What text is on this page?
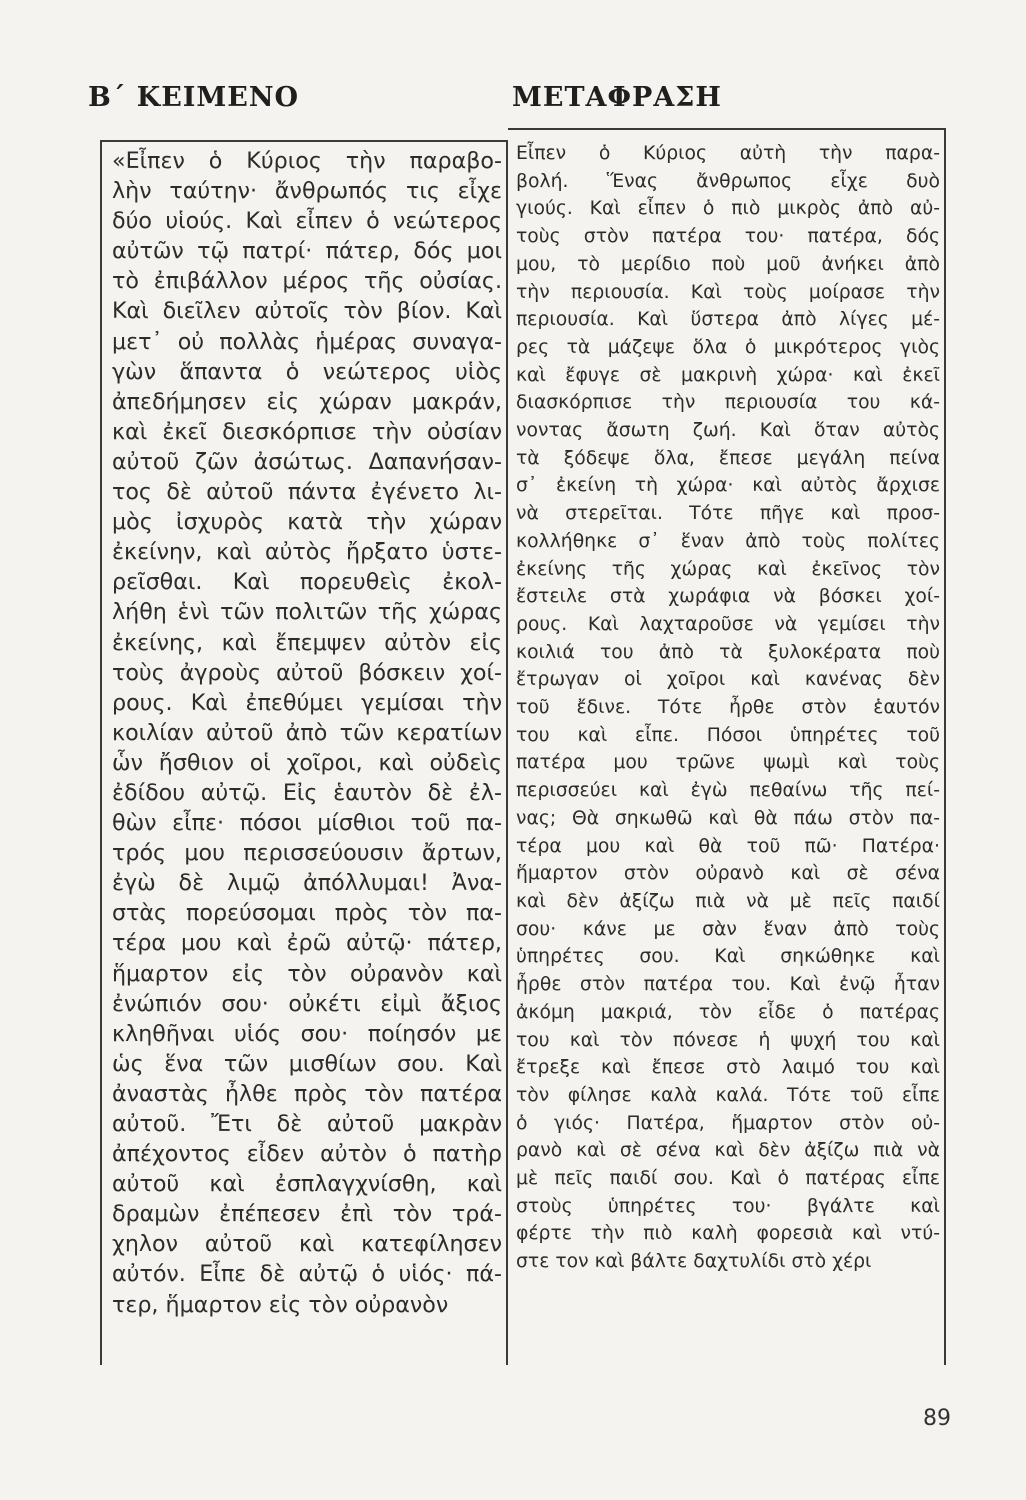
Β΄ ΚΕΙΜΕΝΟ	ΜΕΤΑΦΡΑΣΗ
«Εἶπεν ὁ Κύριος τὴν παραβο-
λὴν ταύτην· ἄνθρωπός τις εἶχε
δύο υἱούς. Καὶ εἶπεν ὁ νεώτερος
αὐτῶν τῷ πατρί· πάτερ, δός μοι
τὸ ἐπιβάλλον μέρος τῆς οὐσίας.
Καὶ διεῖλεν αὐτοῖς τὸν βίον. Καὶ
μετ᾽ οὐ πολλὰς ἡμέρας συναγα-
γὼν ἅπαντα ὁ νεώτερος υἱὸς
ἀπεδήμησεν εἰς χώραν μακράν,
καὶ ἐκεῖ διεσκόρπισε τὴν οὐσίαν
αὐτοῦ ζῶν ἀσώτως. Δαπανήσαν-
τος δὲ αὐτοῦ πάντα ἐγένετο λι-
μὸς ἰσχυρὸς κατὰ τὴν χώραν
ἐκείνην, καὶ αὐτὸς ἤρξατο ὑστε-
ρεῖσθαι. Καὶ πορευθεὶς ἐκολ-
λήθη ἑνὶ τῶν πολιτῶν τῆς χώρας
ἐκείνης, καὶ ἔπεμψεν αὐτὸν εἰς
τοὺς ἀγροὺς αὐτοῦ βόσκειν χοί-
ρους. Καὶ ἐπεθύμει γεμίσαι τὴν
κοιλίαν αὐτοῦ ἀπὸ τῶν κερατίων
ὧν ἤσθιον οἱ χοῖροι, καὶ οὐδεὶς
ἐδίδου αὐτῷ. Εἰς ἑαυτὸν δὲ ἐλ-
θὼν εἶπε· πόσοι μίσθιοι τοῦ πα-
τρός μου περισσεύουσιν ἄρτων,
ἐγὼ δὲ λιμῷ ἀπόλλυμαι! Ἀνα-
στὰς πορεύσομαι πρὸς τὸν πα-
τέρα μου καὶ ἐρῶ αὐτῷ· πάτερ,
ἥμαρτον εἰς τὸν οὐρανὸν καὶ
ἐνώπιόν σου· οὐκέτι εἰμὶ ἄξιος
κληθῆναι υἱός σου· ποίησόν με
ὡς ἕνα τῶν μισθίων σου. Καὶ
ἀναστὰς ἦλθε πρὸς τὸν πατέρα
αὐτοῦ. Ἔτι δὲ αὐτοῦ μακρὰν
ἀπέχοντος εἶδεν αὐτὸν ὁ πατὴρ
αὐτοῦ καὶ ἐσπλαγχνίσθη, καὶ
δραμὼν ἐπέπεσεν ἐπὶ τὸν τρά-
χηλον αὐτοῦ καὶ κατεφίλησεν
αὐτόν. Εἶπε δὲ αὐτῷ ὁ υἱός· πά-
τερ, ἥμαρτον εἰς τὸν οὐρανὸν
Εἶπεν ὁ Κύριος αὐτὴ τὴν παρα-
βολή. Ἕνας ἄνθρωπος εἶχε δυὸ
γιούς. Καὶ εἶπεν ὁ πιὸ μικρὸς ἀπὸ αὐ-
τοὺς στὸν πατέρα του· πατέρα, δός
μου, τὸ μερίδιο ποὺ μοῦ ἀνήκει ἀπὸ
τὴν περιουσία. Καὶ τοὺς μοίρασε τὴν
περιουσία. Καὶ ὕστερα ἀπὸ λίγες μέ-
ρες τὰ μάζεψε ὅλα ὁ μικρότερος γιὸς
καὶ ἔφυγε σὲ μακρινὴ χώρα· καὶ ἐκεῖ
διασκόρπισε τὴν περιουσία του κά-
νοντας ἄσωτη ζωή. Καὶ ὅταν αὐτὸς
τὰ ξόδεψε ὅλα, ἔπεσε μεγάλη πείνα
σ᾽ ἐκείνη τὴ χώρα· καὶ αὐτὸς ἄρχισε
νὰ στερεῖται. Τότε πῆγε καὶ προσ-
κολλήθηκε σ᾽ ἕναν ἀπὸ τοὺς πολίτες
ἐκείνης τῆς χώρας καὶ ἐκεῖνος τὸν
ἔστειλε στὰ χωράφια νὰ βόσκει χοί-
ρους. Καὶ λαχταροῦσε νὰ γεμίσει τὴν
κοιλιά του ἀπὸ τὰ ξυλοκέρατα ποὺ
ἔτρωγαν οἱ χοῖροι καὶ κανένας δὲν
τοῦ ἔδινε. Τότε ἦρθε στὸν ἑαυτόν
του καὶ εἶπε. Πόσοι ὑπηρέτες τοῦ
πατέρα μου τρῶνε ψωμὶ καὶ τοὺς
περισσεύει καὶ ἐγὼ πεθαίνω τῆς πεί-
νας; Θὰ σηκωθῶ καὶ θὰ πάω στὸν πα-
τέρα μου καὶ θὰ τοῦ πῶ· Πατέρα·
ἥμαρτον στὸν οὐρανὸ καὶ σὲ σένα
καὶ δὲν ἀξίζω πιὰ νὰ μὲ πεῖς παιδί
σου· κάνε με σὰν ἕναν ἀπὸ τοὺς
ὑπηρέτες σου. Καὶ σηκώθηκε καὶ
ἦρθε στὸν πατέρα του. Καὶ ἐνῷ ἦταν
ἀκόμη μακριά, τὸν εἶδε ὁ πατέρας
του καὶ τὸν πόνεσε ἡ ψυχή του καὶ
ἔτρεξε καὶ ἔπεσε στὸ λαιμό του καὶ
τὸν φίλησε καλὰ καλά. Τότε τοῦ εἶπε
ὁ γιός· Πατέρα, ἥμαρτον στὸν οὐ-
ρανὸ καὶ σὲ σένα καὶ δὲν ἀξίζω πιὰ νὰ
μὲ πεῖς παιδί σου. Καὶ ὁ πατέρας εἶπε
στοὺς ὑπηρέτες του· βγάλτε καὶ
φέρτε τὴν πιὸ καλὴ φορεσιὰ καὶ ντύ-
στε τον καὶ βάλτε δαχτυλίδι στὸ χέρι
89
